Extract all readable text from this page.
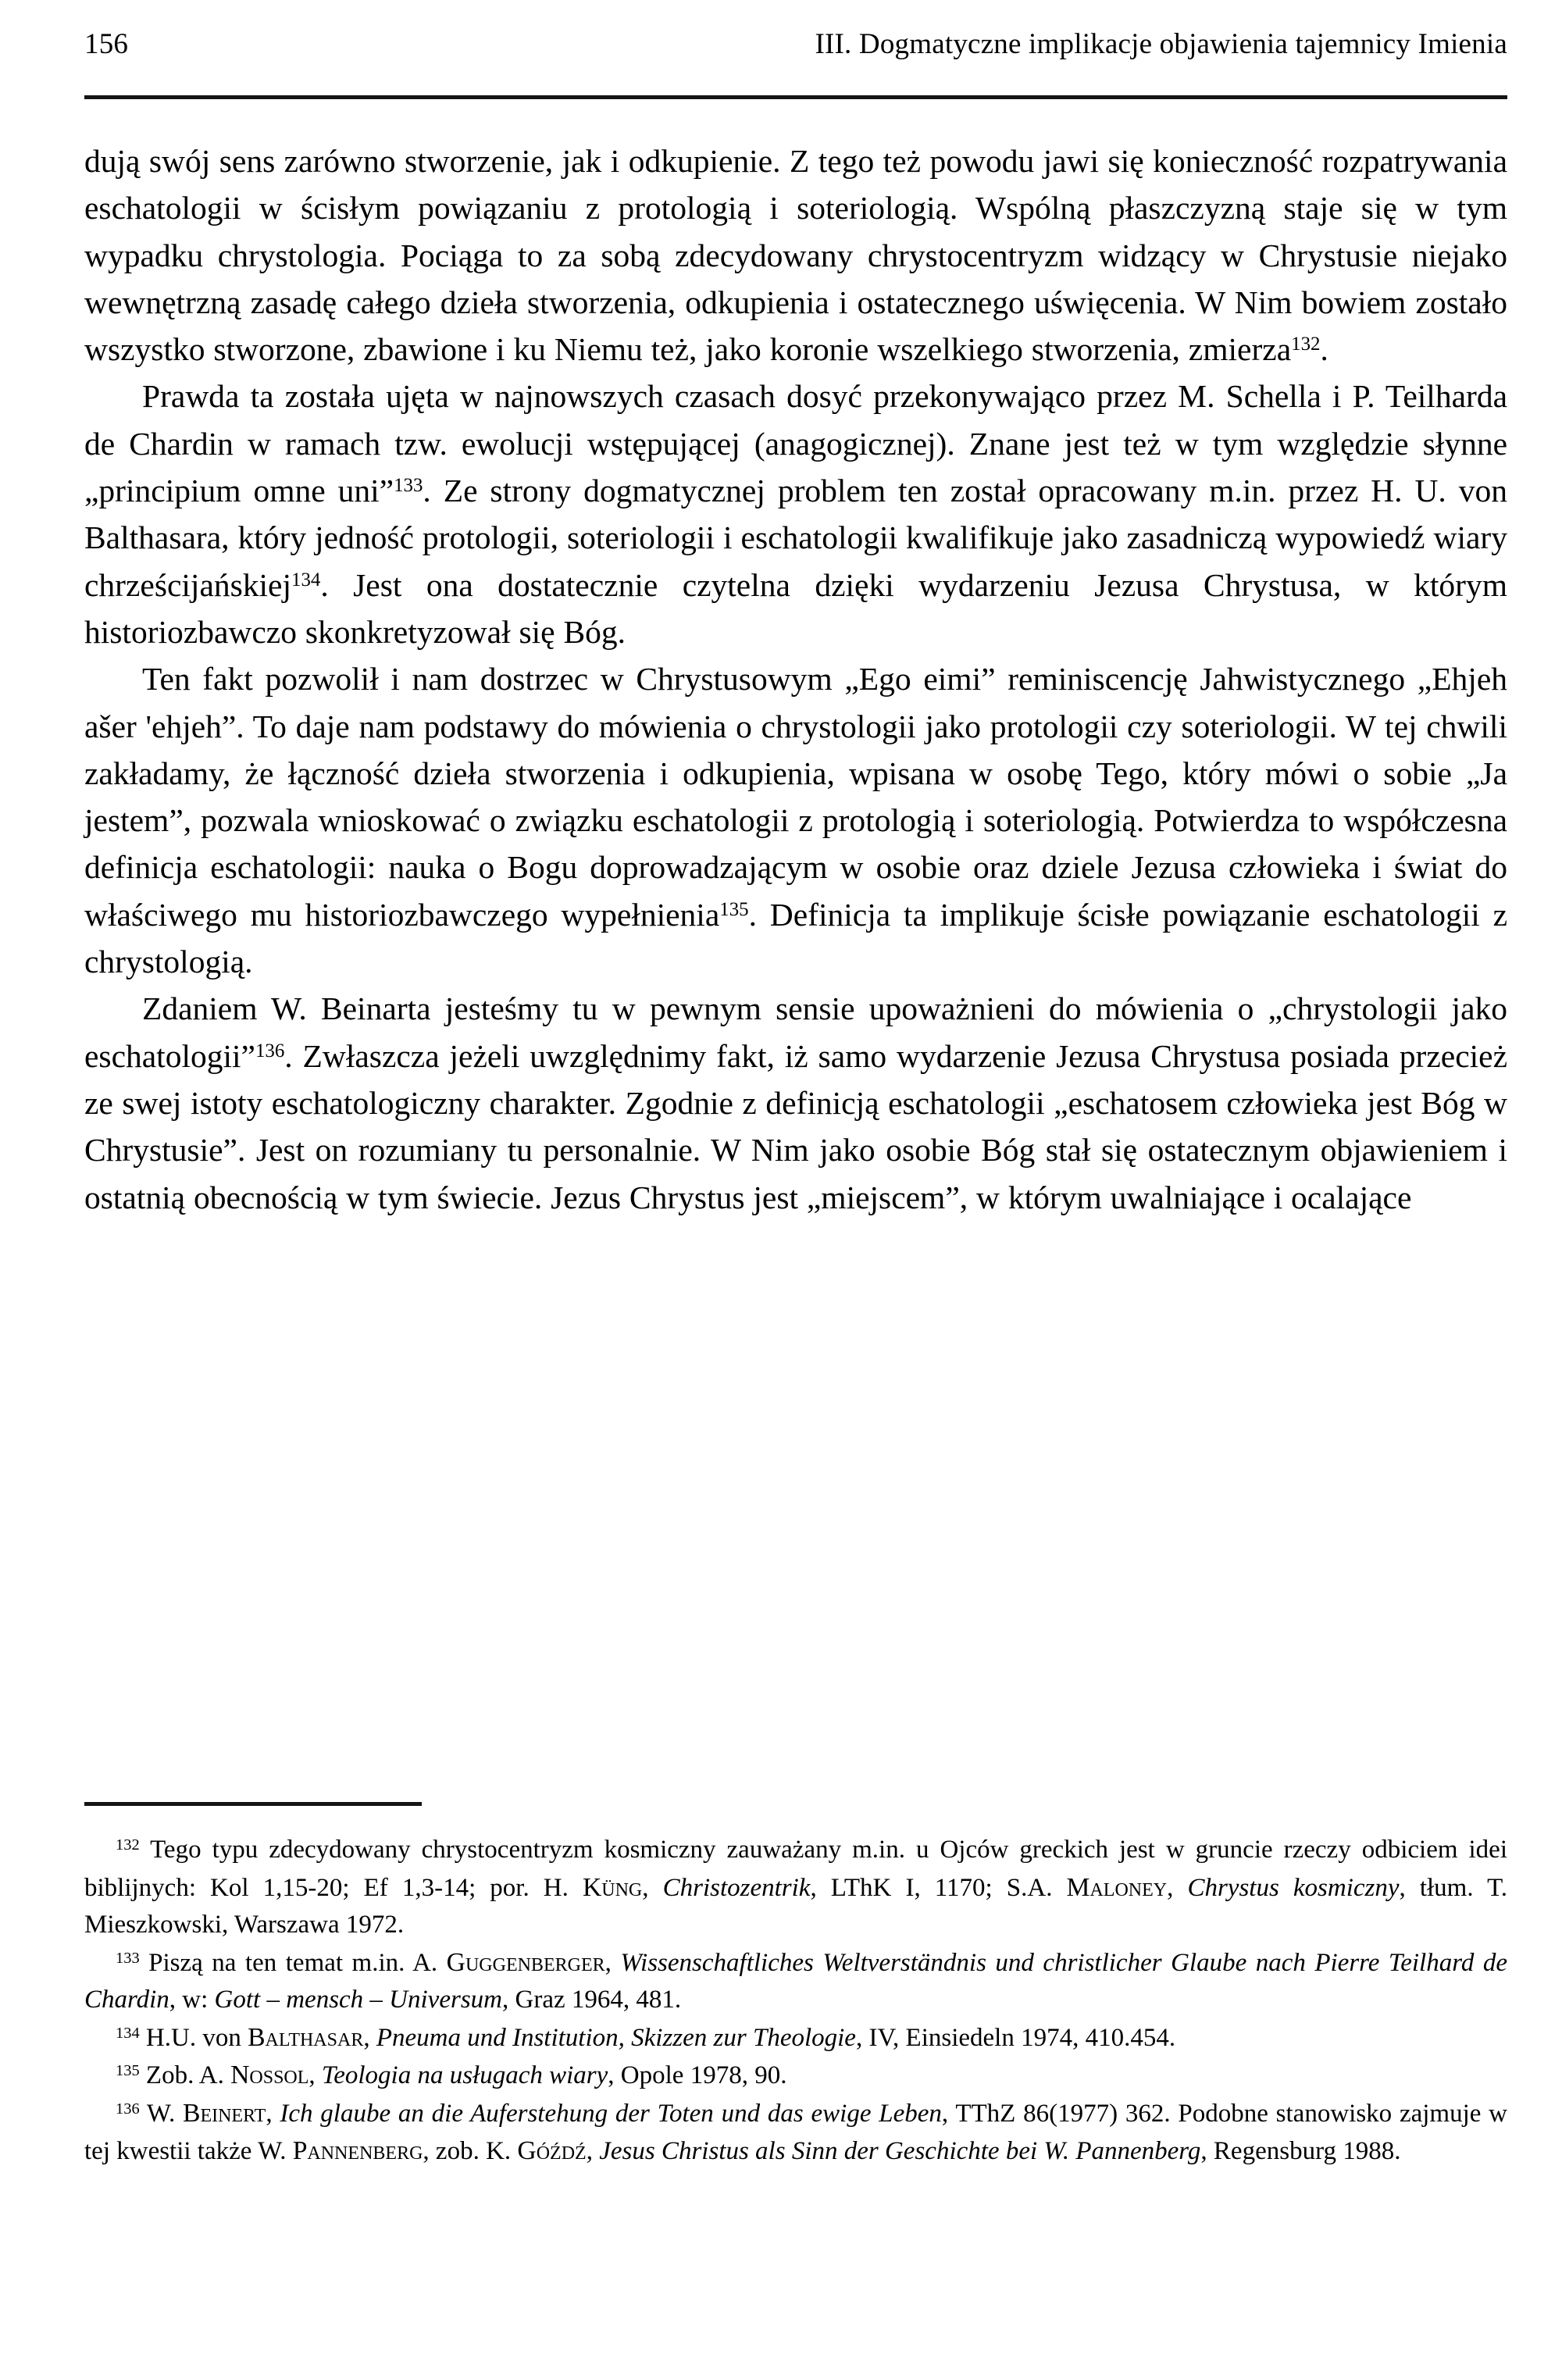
156	III. Dogmatyczne implikacje objawienia tajemnicy Imienia

dują swój sens zarówno stworzenie, jak i odkupienie. Z tego też powodu jawi się konieczność rozpatrywania eschatologii w ścisłym powiązaniu z protologią i soteriologią. Wspólną płaszczyzną staje się w tym wypadku chrystologia. Pociąga to za sobą zdecydowany chrystocentryzm widzący w Chrystusie niejako wewnętrzną zasadę całego dzieła stworzenia, odkupienia i ostatecznego uświęcenia. W Nim bowiem zostało wszystko stworzone, zbawione i ku Niemu też, jako koronie wszelkiego stworzenia, zmierza$^{132}$.

Prawda ta została ujęta w najnowszych czasach dosyć przekonywająco przez M. Schella i P. Teilharda de Chardin w ramach tzw. ewolucji wstępującej (anagogicznej). Znane jest też w tym względzie słynne „principium omne uni”$^{133}$. Ze strony dogmatycznej problem ten został opracowany m.in. przez H. U. von Balthasara, który jedność protologii, soteriologii i eschatologii kwalifikuje jako zasadniczą wypowiedź wiary chrześcijańskiej$^{134}$. Jest ona dostatecznie czytelna dzięki wydarzeniu Jezusa Chrystusa, w którym historiozbawczo skonkretyzował się Bóg.

Ten fakt pozwolił i nam dostrzec w Chrystusowym „Ego eimi” reminiscencję Jahwistycznego „Ehjeh ašer 'ehjeh”. To daje nam podstawy do mówienia o chrystologii jako protologii czy soteriologii. W tej chwili zakładamy, że łączność dzieła stworzenia i odkupienia, wpisana w osobę Tego, który mówi o sobie „Ja jestem”, pozwala wnioskować o związku eschatologii z protologią i soteriologią. Potwierdza to współczesna definicja eschatologii: nauka o Bogu doprowadzającym w osobie oraz dziele Jezusa człowieka i świat do właściwego mu historiozbawczego wypełnienia$^{135}$. Definicja ta implikuje ścisłe powiązanie eschatologii z chrystologią.

Zdaniem W. Beinarta jesteśmy tu w pewnym sensie upoważnieni do mówienia o „chrystologii jako eschatologii”$^{136}$. Zwłaszcza jeżeli uwzględnimy fakt, iż samo wydarzenie Jezusa Chrystusa posiada przecież ze swej istoty eschatologiczny charakter. Zgodnie z definicją eschatologii „eschatosem człowieka jest Bóg w Chrystusie”. Jest on rozumiany tu personalnie. W Nim jako osobie Bóg stał się ostatecznym objawieniem i ostatnią obecnością w tym świecie. Jezus Chrystus jest „miejscem”, w którym uwalniające i ocalające

$^{132}$ Tego typu zdecydowany chrystocentryzm kosmiczny zauważany m.in. u Ojców greckich jest w gruncie rzeczy odbiciem idei biblijnych: Kol 1,15-20; Ef 1,3-14; por. H. Küng, Christozentrik, LThK I, 1170; S.A. Maloney, Chrystus kosmiczny, tłum. T. Mieszkowski, Warszawa 1972.

$^{133}$ Piszą na ten temat m.in. A. Guggenberger, Wissenschaftliches Weltverständnis und christlicher Glaube nach Pierre Teilhard de Chardin, w: Gott – mensch – Universum, Graz 1964, 481.

$^{134}$ H.U. von Balthasar, Pneuma und Institution, Skizzen zur Theologie, IV, Einsiedeln 1974, 410.454.

$^{135}$ Zob. A. Nossol, Teologia na usługach wiary, Opole 1978, 90.

$^{136}$ W. Beinert, Ich glaube an die Auferstehung der Toten und das ewige Leben, TThZ 86(1977) 362. Podobne stanowisko zajmuje w tej kwestii także W. Pannenberg, zob. K. Góźdź, Jesus Christus als Sinn der Geschichte bei W. Pannenberg, Regensburg 1988.
